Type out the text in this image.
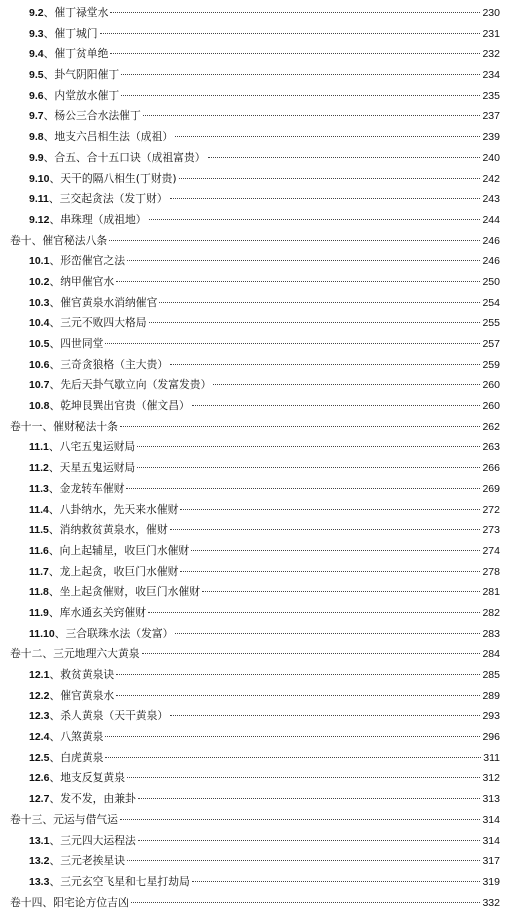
9.2、催丁禄堂水	230
9.3、催丁城门	231
9.4、催丁贫单绝	232
9.5、卦气阴阳催丁	234
9.6、内堂放水催丁	235
9.7、杨公三合水法催丁	237
9.8、地支六吕相生法（成祖）	239
9.9、合五、合十五口诀（成祖富贵）	240
9.10、天干的隔八相生(丁财贵)	242
9.11、三交起贪法（发丁财）	243
9.12、串珠理（成祖地）	244
卷十、催官秘法八条	246
10.1、形峦催官之法	246
10.2、纳甲催官水	250
10.3、催官黄泉水消纳催官	254
10.4、三元不败四大格局	255
10.5、四世同堂	257
10.6、三奇贪狼格（主大贵）	259
10.7、先后天卦气歇立向（发富发贵）	260
10.8、乾坤艮巽出官贵（催文昌）	260
卷十一、催财秘法十条	262
11.1、八宅五鬼运财局	263
11.2、天星五鬼运财局	266
11.3、金龙转车催财	269
11.4、八卦纳水，先天来水催财	272
11.5、消纳救贫黄泉水，催财	273
11.6、向上起辅星，收巨门水催财	274
11.7、龙上起贪，收巨门水催财	278
11.8、坐上起贪催财，收巨门水催财	281
11.9、库水通玄关窍催财	282
11.10、三合联珠水法（发富）	283
卷十二、三元地理六大黄泉	284
12.1、救贫黄泉诀	285
12.2、催官黄泉水	289
12.3、杀人黄泉（天干黄泉）	293
12.4、八煞黄泉	296
12.5、白虎黄泉	311
12.6、地支反复黄泉	312
12.7、发不发，由兼卦	313
卷十三、元运与借气运	314
13.1、三元四大运程法	314
13.2、三元老挨星诀	317
13.3、三元玄空飞星和七星打劫局	319
卷十四、阳宅论方位吉凶	332
